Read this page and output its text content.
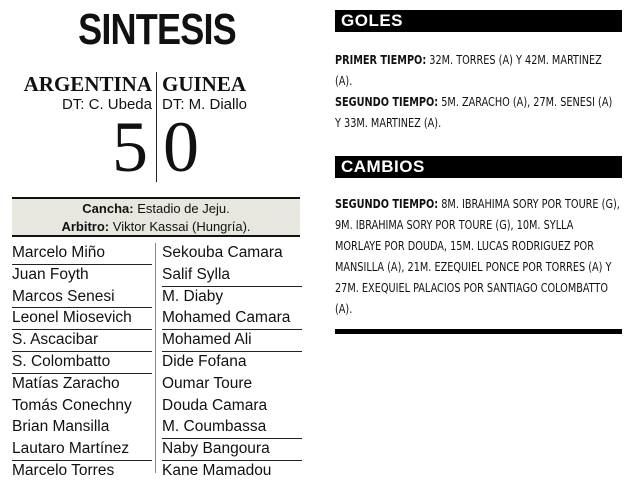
SINTESIS
ARGENTINA
DT: C. Ubeda
GUINEA
DT: M. Diallo
5 0
Cancha: Estadio de Jeju.
Arbitro: Viktor Kassai (Hungría).
Marcelo Miño
Juan Foyth
Marcos Senesi
Leonel Miosevich
S. Ascacibar
S. Colombatto
Matías Zaracho
Tomás Conechny
Brian Mansilla
Lautaro Martínez
Marcelo Torres
Sekouba Camara
Salif Sylla
M. Diaby
Mohamed Camara
Mohamed Ali
Dide Fofana
Oumar Toure
Douda Camara
M. Coumbassa
Naby Bangoura
Kane Mamadou
GOLES

PRIMER TIEMPO: 32M. TORRES (A) Y 42M. MARTINEZ (A).
SEGUNDO TIEMPO: 5M. ZARACHO (A), 27M. SENESI (A) Y 33M. MARTINEZ (A).

CAMBIOS

SEGUNDO TIEMPO: 8M. IBRAHIMA SORY POR TOURE (G), 9M. IBRAHIMA SORY POR TOURE (G), 10M. SYLLA MORLAYE POR DOUDA, 15M. LUCAS RODRIGUEZ POR MANSILLA (A), 21M. EZEQUIEL PONCE POR TORRES (A) Y 27M. EXEQUIEL PALACIOS POR SANTIAGO COLOMBATTO (A).
